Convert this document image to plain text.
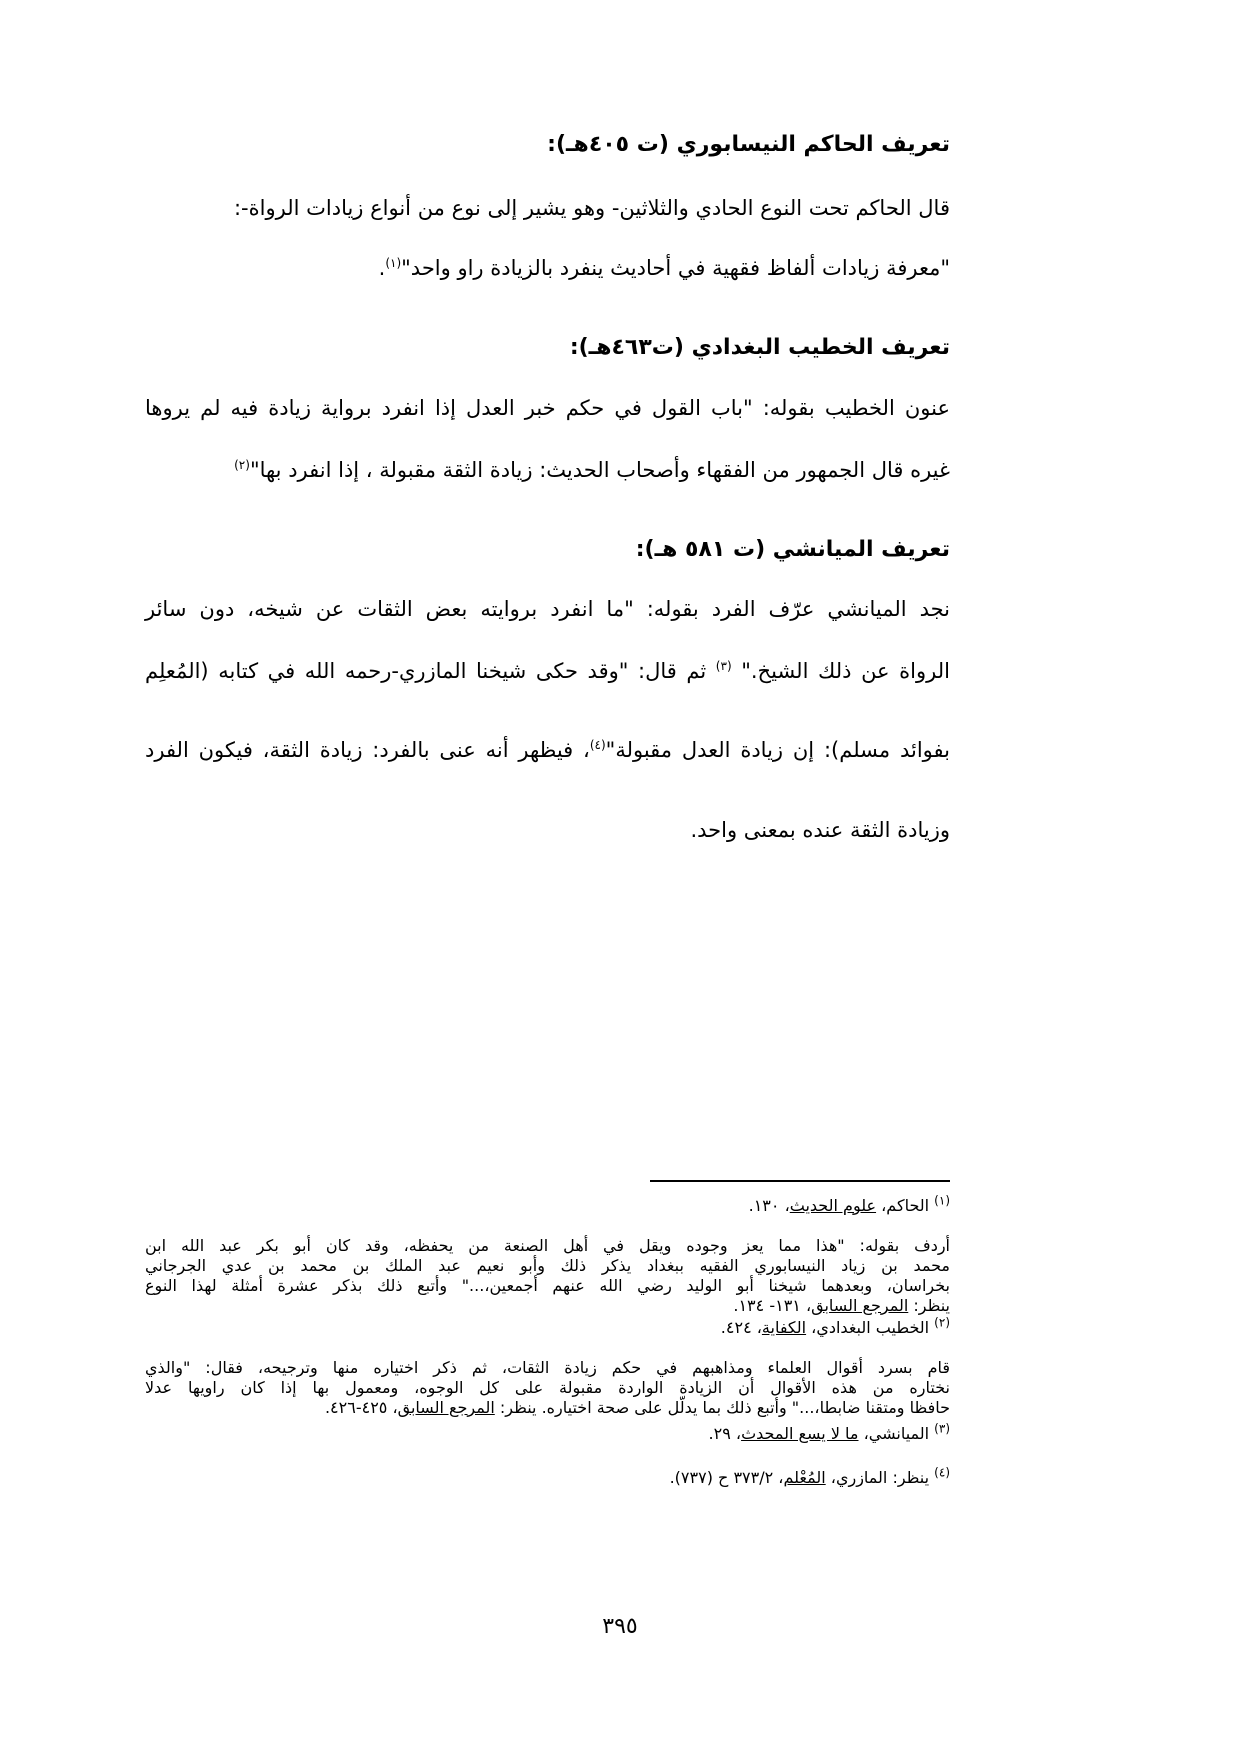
تعريف الحاكم النيسابوري (ت ٤٠٥هـ):
قال الحاكم تحت النوع الحادي والثلاثين- وهو يشير إلى نوع من أنواع زيادات الرواة-:
"معرفة زيادات ألفاظ فقهية في أحاديث ينفرد بالزيادة راو واحد"$^{(١)}$.
تعريف الخطيب البغدادي (ت٤٦٣هـ):
عنون الخطيب بقوله: "باب القول في حكم خبر العدل إذا انفرد برواية زيادة فيه لم يروها
غيره قال الجمهور من الفقهاء وأصحاب الحديث: زيادة الثقة مقبولة ، إذا انفرد بها"$^{(٢)}$
تعريف الميانشي (ت ٥٨١ هـ):
نجد الميانشي عرّف الفرد بقوله: "ما انفرد بروايته بعض الثقات عن شيخه، دون سائر
الرواة عن ذلك الشيخ." $^{(٣)}$ ثم قال: "وقد حكى شيخنا المازري-رحمه الله في كتابه (المُعلِم
بفوائد مسلم): إن زيادة العدل مقبولة"$^{(٤)}$، فيظهر أنه عنى بالفرد: زيادة الثقة، فيكون الفرد
وزيادة الثقة عنده بمعنى واحد.
$^{(١)}$ الحاكم، علوم الحديث، ١٣٠.
أردف بقوله: "هذا مما يعز وجوده ويقل في أهل الصنعة من يحفظه، وقد كان أبو بكر عبد الله ابن
محمد بن زياد النيسابوري الفقيه ببغداد يذكر ذلك وأبو نعيم عبد الملك بن محمد بن عدي الجرجاني
بخراسان، وبعدهما شيخنا أبو الوليد رضي الله عنهم أجمعين،..." وأتبع ذلك بذكر عشرة أمثلة لهذا النوع
ينظر: المرجع السابق، ١٣١- ١٣٤.
$^{(٢)}$ الخطيب البغدادي، الكفاية، ٤٢٤.
قام بسرد أقوال العلماء ومذاهبهم في حكم زيادة الثقات، ثم ذكر اختياره منها وترجيحه، فقال: "والذي
نختاره من هذه الأقوال أن الزيادة الواردة مقبولة على كل الوجوه، ومعمول بها إذا كان راويها عدلا
حافظا ومتقنا ضابطا،..." وأتبع ذلك بما يدلّل على صحة اختياره. ينظر: المرجع السابق، ٤٢٥-٤٢٦.
$^{(٣)}$ الميانشي، ما لا يسع المحدث، ٢٩.
$^{(٤)}$ ينظر: المازري، المُعْلم، ٣٧٣/٢ ح (٧٣٧).
٣٩٥
